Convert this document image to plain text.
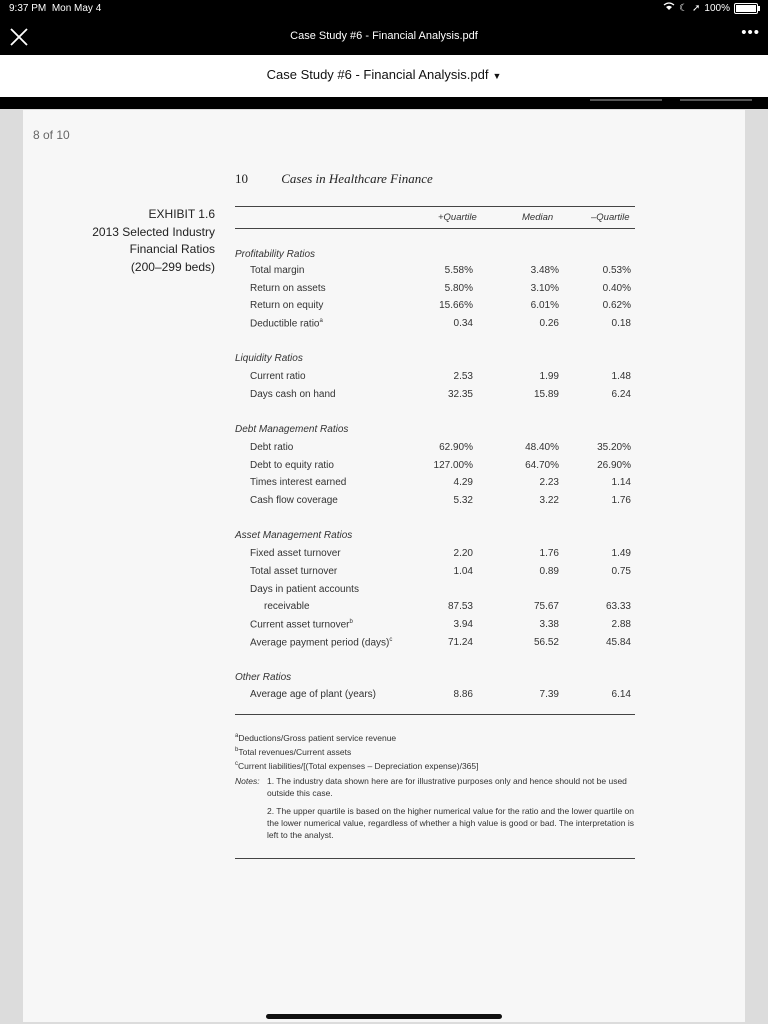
9:37 PM Mon May 4	☾ ➚ 100%
Case Study #6 - Financial Analysis.pdf	•••
Case Study #6 - Financial Analysis.pdf ▼
8 of 10
10	Cases in Healthcare Finance
EXHIBIT 1.6
2013 Selected Industry
Financial Ratios
(200–299 beds)
+Quartile	Median	–Quartile
Profitability Ratios
Total margin	5.58%	3.48%	0.53%
Return on assets	5.80%	3.10%	0.40%
Return on equity	15.66%	6.01%	0.62%
Deductible ratio$^a$	0.34	0.26	0.18
Liquidity Ratios
Current ratio	2.53	1.99	1.48
Days cash on hand	32.35	15.89	6.24
Debt Management Ratios
Debt ratio	62.90%	48.40%	35.20%
Debt to equity ratio	127.00%	64.70%	26.90%
Times interest earned	4.29	2.23	1.14
Cash flow coverage	5.32	3.22	1.76
Asset Management Ratios
Fixed asset turnover	2.20	1.76	1.49
Total asset turnover	1.04	0.89	0.75
Days in patient accounts
receivable	87.53	75.67	63.33
Current asset turnover$^b$	3.94	3.38	2.88
Average payment period (days)$^c$	71.24	56.52	45.84
Other Ratios
Average age of plant (years)	8.86	7.39	6.14
$^a$Deductions/Gross patient service revenue
$^b$Total revenues/Current assets
$^c$Current liabilities/[(Total expenses – Depreciation expense)/365]
Notes: 1. The industry data shown here are for illustrative purposes only and hence should not be used outside this case.
2. The upper quartile is based on the higher numerical value for the ratio and the lower quartile on the lower numerical value, regardless of whether a high value is good or bad. The interpretation is left to the analyst.
